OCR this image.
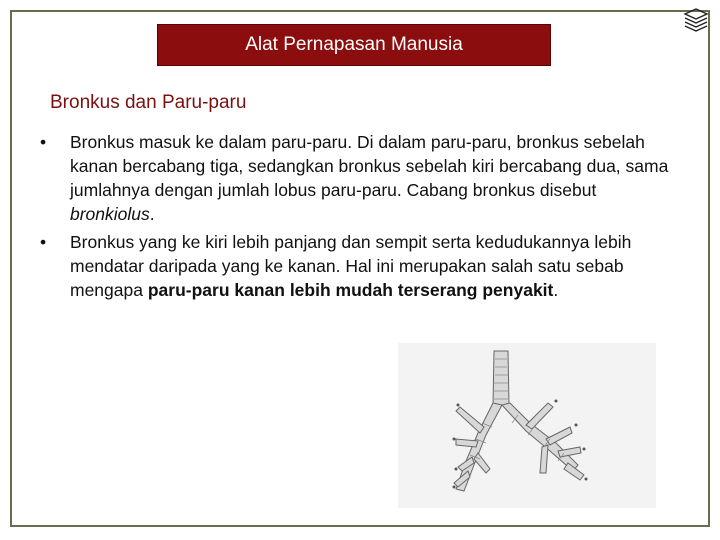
Alat Pernapasan Manusia
Bronkus dan Paru-paru
• Bronkus masuk ke dalam paru-paru. Di dalam paru-paru, bronkus sebelah kanan bercabang tiga, sedangkan bronkus sebelah kiri bercabang dua, sama jumlahnya dengan jumlah lobus paru-paru. Cabang bronkus disebut bronkiolus.
• Bronkus yang ke kiri lebih panjang dan sempit serta kedudukannya lebih mendatar daripada yang ke kanan. Hal ini merupakan salah satu sebab mengapa paru-paru kanan lebih mudah terserang penyakit.
